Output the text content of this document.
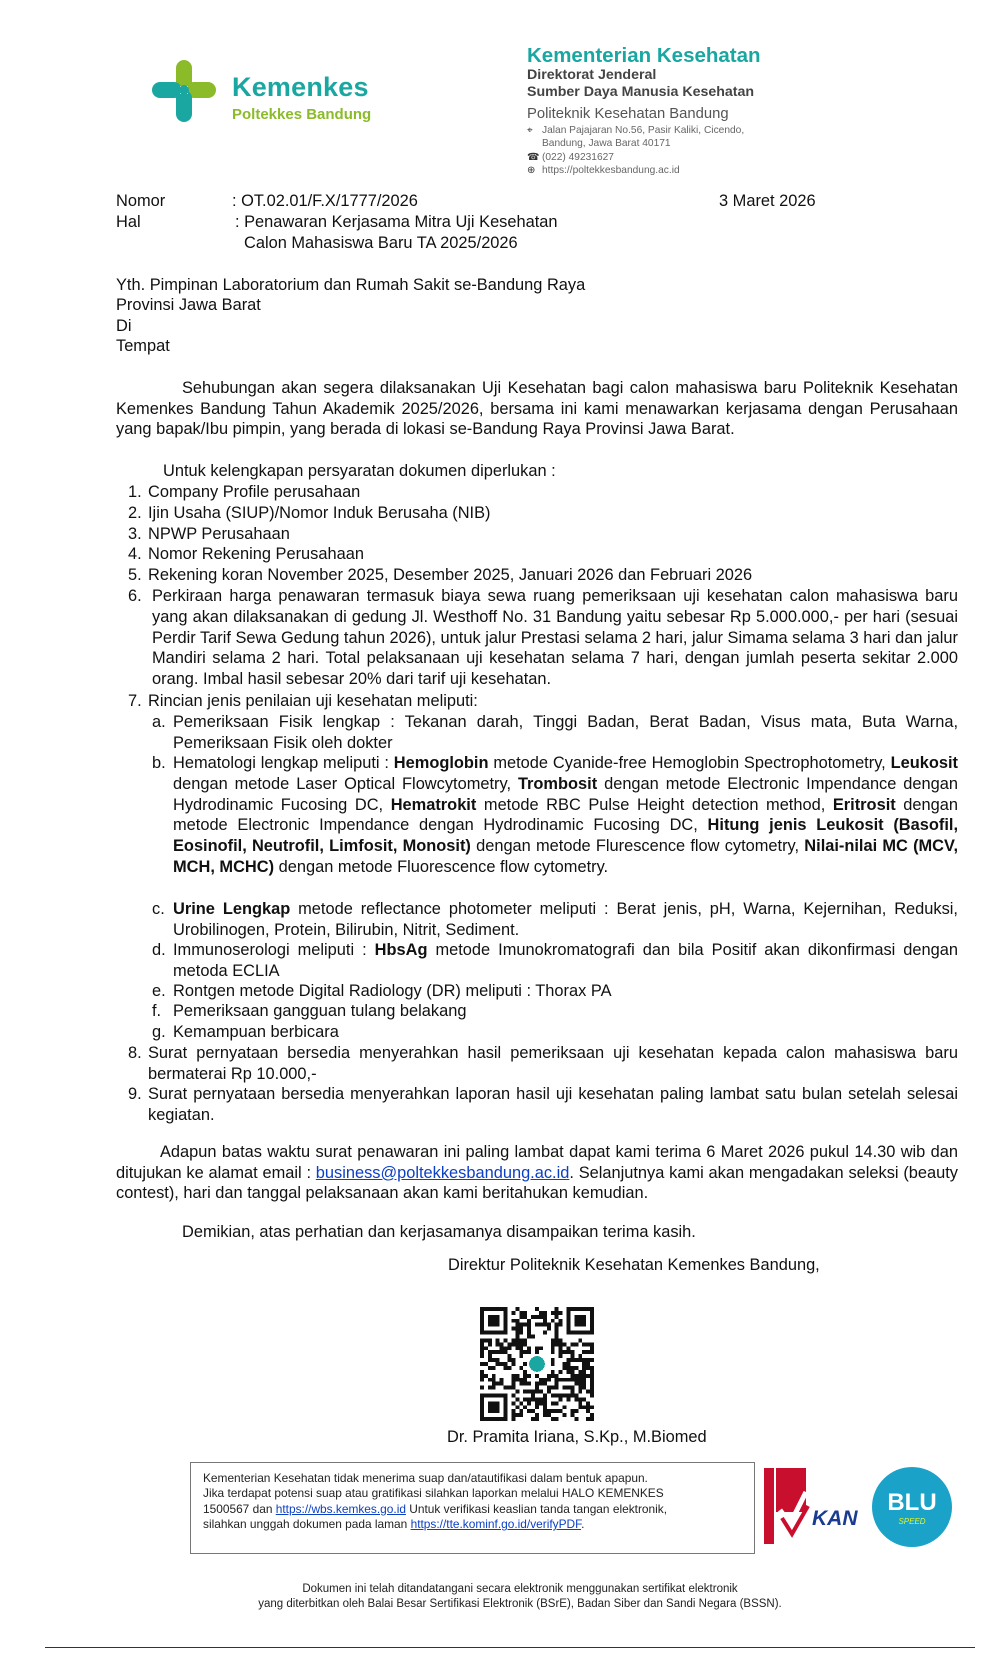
Kemenkes
Poltekkes Bandung
Kementerian Kesehatan
Direktorat Jenderal
Sumber Daya Manusia Kesehatan
Politeknik Kesehatan Bandung
⌖ Jalan Pajajaran No.56, Pasir Kaliki, Cicendo,
Bandung, Jawa Barat 40171
☎ (022) 49231627
⊕ https://poltekkesbandung.ac.id
Nomor	: OT.02.01/F.X/1777/2026	3 Maret 2026
Hal	: Penawaran Kerjasama Mitra Uji Kesehatan
Calon Mahasiswa Baru TA 2025/2026
Yth. Pimpinan Laboratorium dan Rumah Sakit se-Bandung Raya
Provinsi Jawa Barat
Di
Tempat
Sehubungan akan segera dilaksanakan Uji Kesehatan bagi calon mahasiswa baru Politeknik Kesehatan Kemenkes Bandung Tahun Akademik 2025/2026, bersama ini kami menawarkan kerjasama dengan Perusahaan yang bapak/Ibu pimpin, yang berada di lokasi se-Bandung Raya Provinsi Jawa Barat.
Untuk kelengkapan persyaratan dokumen diperlukan :
1. Company Profile perusahaan
2. Ijin Usaha (SIUP)/Nomor Induk Berusaha (NIB)
3. NPWP Perusahaan
4. Nomor Rekening Perusahaan
5. Rekening koran November 2025, Desember 2025, Januari 2026 dan Februari 2026
6. Perkiraan harga penawaran termasuk biaya sewa ruang pemeriksaan uji kesehatan calon mahasiswa baru yang akan dilaksanakan di gedung Jl. Westhoff No. 31 Bandung yaitu sebesar Rp 5.000.000,- per hari (sesuai Perdir Tarif Sewa Gedung tahun 2026), untuk jalur Prestasi selama 2 hari, jalur Simama selama 3 hari dan jalur Mandiri selama 2 hari. Total pelaksanaan uji kesehatan selama 7 hari, dengan jumlah peserta sekitar 2.000 orang. Imbal hasil sebesar 20% dari tarif uji kesehatan.
7. Rincian jenis penilaian uji kesehatan meliputi:
a. Pemeriksaan Fisik lengkap : Tekanan darah, Tinggi Badan, Berat Badan, Visus mata, Buta Warna, Pemeriksaan Fisik oleh dokter
b. Hematologi lengkap meliputi : Hemoglobin metode Cyanide-free Hemoglobin Spectrophotometry, Leukosit dengan metode Laser Optical Flowcytometry, Trombosit dengan metode Electronic Impendance dengan Hydrodinamic Fucosing DC, Hematrokit metode RBC Pulse Height detection method, Eritrosit dengan metode Electronic Impendance dengan Hydrodinamic Fucosing DC, Hitung jenis Leukosit (Basofil, Eosinofil, Neutrofil, Limfosit, Monosit) dengan metode Flurescence flow cytometry, Nilai-nilai MC (MCV, MCH, MCHC) dengan metode Fluorescence flow cytometry.
c. Urine Lengkap metode reflectance photometer meliputi : Berat jenis, pH, Warna, Kejernihan, Reduksi, Urobilinogen, Protein, Bilirubin, Nitrit, Sediment.
d. Immunoserologi meliputi : HbsAg metode Imunokromatografi dan bila Positif akan dikonfirmasi dengan metoda ECLIA
e. Rontgen metode Digital Radiology (DR) meliputi : Thorax PA
f. Pemeriksaan gangguan tulang belakang
g. Kemampuan berbicara
8. Surat pernyataan bersedia menyerahkan hasil pemeriksaan uji kesehatan kepada calon mahasiswa baru bermaterai Rp 10.000,-
9. Surat pernyataan bersedia menyerahkan laporan hasil uji kesehatan paling lambat satu bulan setelah selesai kegiatan.
Adapun batas waktu surat penawaran ini paling lambat dapat kami terima 6 Maret 2026 pukul 14.30 wib dan ditujukan ke alamat email : business@poltekkesbandung.ac.id. Selanjutnya kami akan mengadakan seleksi (beauty contest), hari dan tanggal pelaksanaan akan kami beritahukan kemudian.
Demikian, atas perhatian dan kerjasamanya disampaikan terima kasih.
Direktur Politeknik Kesehatan Kemenkes Bandung,
Dr. Pramita Iriana, S.Kp., M.Biomed
Kementerian Kesehatan tidak menerima suap dan/atautifikasi dalam bentuk apapun.
Jika terdapat potensi suap atau gratifikasi silahkan laporkan melalui HALO KEMENKES
1500567 dan https://wbs.kemkes.go.id Untuk verifikasi keaslian tanda tangan elektronik,
silahkan unggah dokumen pada laman https://tte.kominf.go.id/verifyPDF.	KAN
BLU
SPEED
Dokumen ini telah ditandatangani secara elektronik menggunakan sertifikat elektronik
yang diterbitkan oleh Balai Besar Sertifikasi Elektronik (BSrE), Badan Siber dan Sandi Negara (BSSN).
